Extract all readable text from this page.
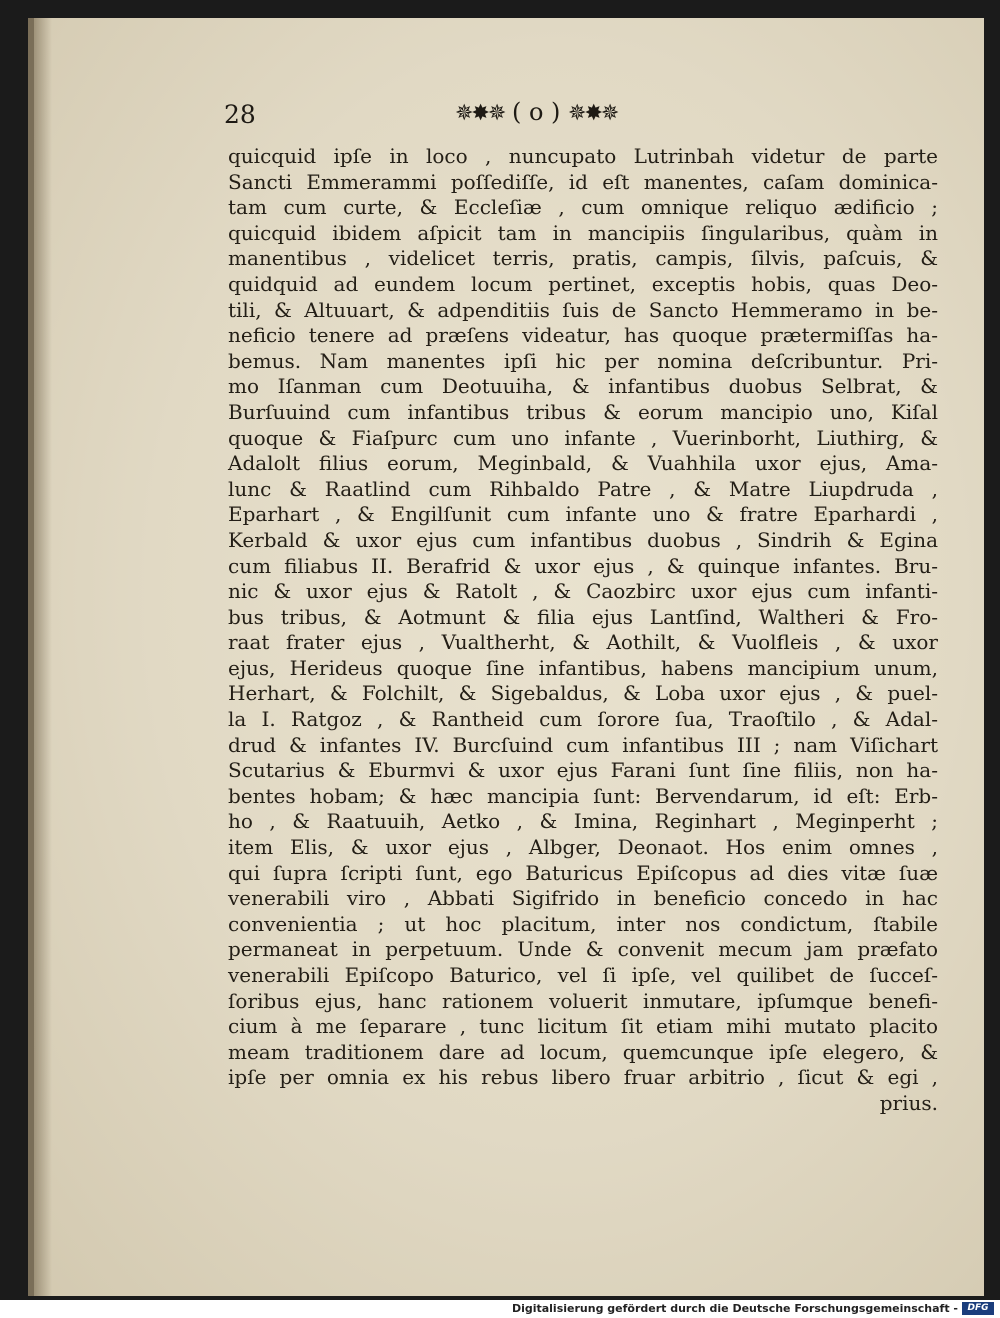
28	✵✸✵ ( o ) ✵✸✵
quicquid ipſe in loco , nuncupato Lutrinbah videtur de parte
Sancti Emmerammi poſſediſſe, id eſt manentes, caſam dominica-
tam cum curte, & Eccleſiæ , cum omnique reliquo ædificio ;
quicquid ibidem aſpicit tam in mancipiis ſingularibus, quàm in
manentibus , videlicet terris, pratis, campis, ſilvis, paſcuis, &
quidquid ad eundem locum pertinet, exceptis hobis, quas Deo-
tili, & Altuuart, & adpenditiis ſuis de Sancto Hemmeramo in be-
neficio tenere ad præſens videatur, has quoque prætermiſſas ha-
bemus. Nam manentes ipſi hic per nomina deſcribuntur. Pri-
mo Iſanman cum Deotuuiha, & infantibus duobus Selbrat, &
Burſuuind cum infantibus tribus & eorum mancipio uno, Kiſal
quoque & Fiaſpurc cum uno infante , Vuerinborht, Liuthirg, &
Adalolt filius eorum, Meginbald, & Vuahhila uxor ejus, Ama-
lunc & Raatlind cum Rihbaldo Patre , & Matre Liupdruda ,
Eparhart , & Engilſunit cum infante uno & fratre Eparhardi ,
Kerbald & uxor ejus cum infantibus duobus , Sindrih & Egina
cum filiabus II. Berafrid & uxor ejus , & quinque infantes. Bru-
nic & uxor ejus & Ratolt , & Caozbirc uxor ejus cum infanti-
bus tribus, & Aotmunt & filia ejus Lantſind, Waltheri & Fro-
raat frater ejus , Vualtherht, & Aothilt, & Vuolfleis , & uxor
ejus, Herideus quoque ſine infantibus, habens mancipium unum,
Herhart, & Folchilt, & Sigebaldus, & Loba uxor ejus , & puel-
la I. Ratgoz , & Rantheid cum ſorore ſua, Traoſtilo , & Adal-
drud & infantes IV. Burcſuind cum infantibus III ; nam Viſichart
Scutarius & Eburmvi & uxor ejus Farani ſunt ſine filiis, non ha-
bentes hobam; & hæc mancipia ſunt: Bervendarum, id eſt: Erb-
ho , & Raatuuih, Aetko , & Imina, Reginhart , Meginperht ;
item Elis, & uxor ejus , Albger, Deonaot. Hos enim omnes ,
qui ſupra ſcripti ſunt, ego Baturicus Epiſcopus ad dies vitæ ſuæ
venerabili viro , Abbati Sigifrido in beneficio concedo in hac
convenientia ; ut hoc placitum, inter nos condictum, ſtabile
permaneat in perpetuum. Unde & convenit mecum jam præfato
venerabili Epiſcopo Baturico, vel ſi ipſe, vel quilibet de ſucceſ-
ſoribus ejus, hanc rationem voluerit inmutare, ipſumque benefi-
cium à me ſeparare , tunc licitum ſit etiam mihi mutato placito
meam traditionem dare ad locum, quemcunque ipſe elegero, &
ipſe per omnia ex his rebus libero fruar arbitrio , ſicut & egi ,
prius.
Digitalisierung gefördert durch die Deutsche Forschungsgemeinschaft -	DFG
